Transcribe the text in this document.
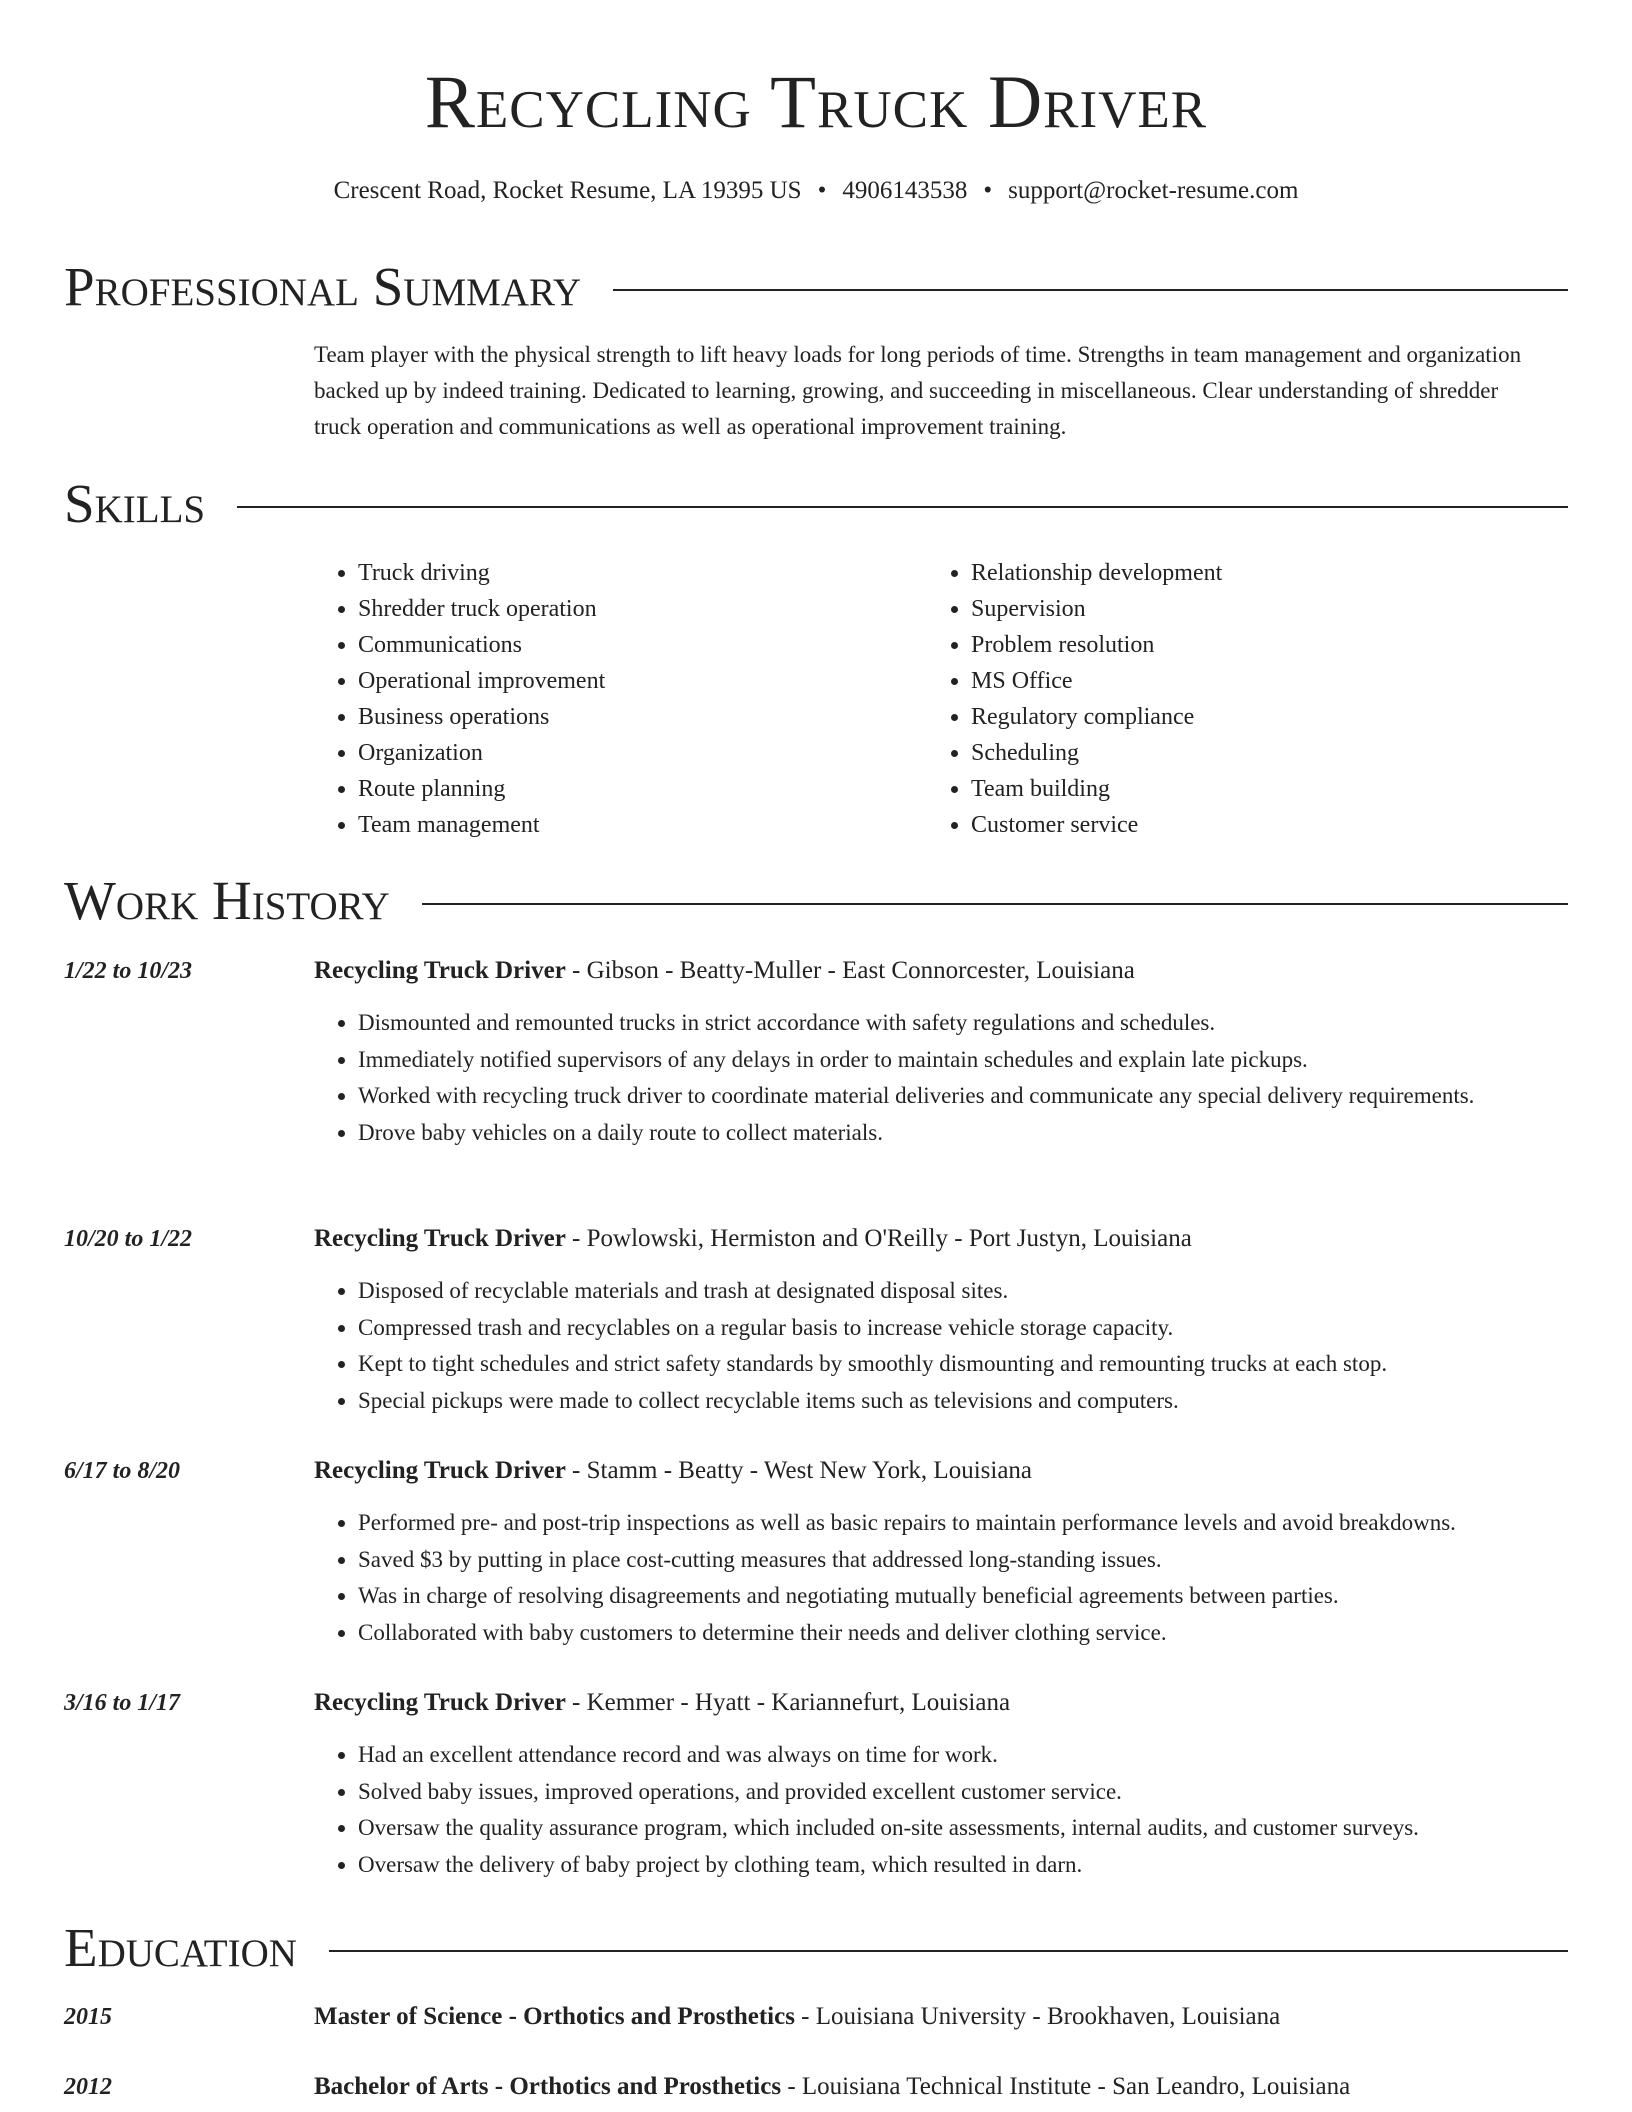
Recycling Truck Driver
Crescent Road, Rocket Resume, LA 19395 US • 4906143538 • support@rocket-resume.com
Professional Summary

Team player with the physical strength to lift heavy loads for long periods of time. Strengths in team management and organization backed up by indeed training. Dedicated to learning, growing, and succeeding in miscellaneous. Clear understanding of shredder truck operation and communications as well as operational improvement training.

Skills
• Truck driving
• Shredder truck operation
• Communications
• Operational improvement
• Business operations
• Organization
• Route planning
• Team management
• Relationship development
• Supervision
• Problem resolution
• MS Office
• Regulatory compliance
• Scheduling
• Team building
• Customer service
Work History
1/22 to 10/23	Recycling Truck Driver - Gibson - Beatty-Muller - East Connorcester, Louisiana
• Dismounted and remounted trucks in strict accordance with safety regulations and schedules.
• Immediately notified supervisors of any delays in order to maintain schedules and explain late pickups.
• Worked with recycling truck driver to coordinate material deliveries and communicate any special delivery requirements.
• Drove baby vehicles on a daily route to collect materials.
10/20 to 1/22	Recycling Truck Driver - Powlowski, Hermiston and O'Reilly - Port Justyn, Louisiana
• Disposed of recyclable materials and trash at designated disposal sites.
• Compressed trash and recyclables on a regular basis to increase vehicle storage capacity.
• Kept to tight schedules and strict safety standards by smoothly dismounting and remounting trucks at each stop.
• Special pickups were made to collect recyclable items such as televisions and computers.
6/17 to 8/20	Recycling Truck Driver - Stamm - Beatty - West New York, Louisiana
• Performed pre- and post-trip inspections as well as basic repairs to maintain performance levels and avoid breakdowns.
• Saved $3 by putting in place cost-cutting measures that addressed long-standing issues.
• Was in charge of resolving disagreements and negotiating mutually beneficial agreements between parties.
• Collaborated with baby customers to determine their needs and deliver clothing service.
3/16 to 1/17	Recycling Truck Driver - Kemmer - Hyatt - Kariannefurt, Louisiana
• Had an excellent attendance record and was always on time for work.
• Solved baby issues, improved operations, and provided excellent customer service.
• Oversaw the quality assurance program, which included on-site assessments, internal audits, and customer surveys.
• Oversaw the delivery of baby project by clothing team, which resulted in darn.
Education
2015	Master of Science - Orthotics and Prosthetics - Louisiana University - Brookhaven, Louisiana
2012	Bachelor of Arts - Orthotics and Prosthetics - Louisiana Technical Institute - San Leandro, Louisiana
